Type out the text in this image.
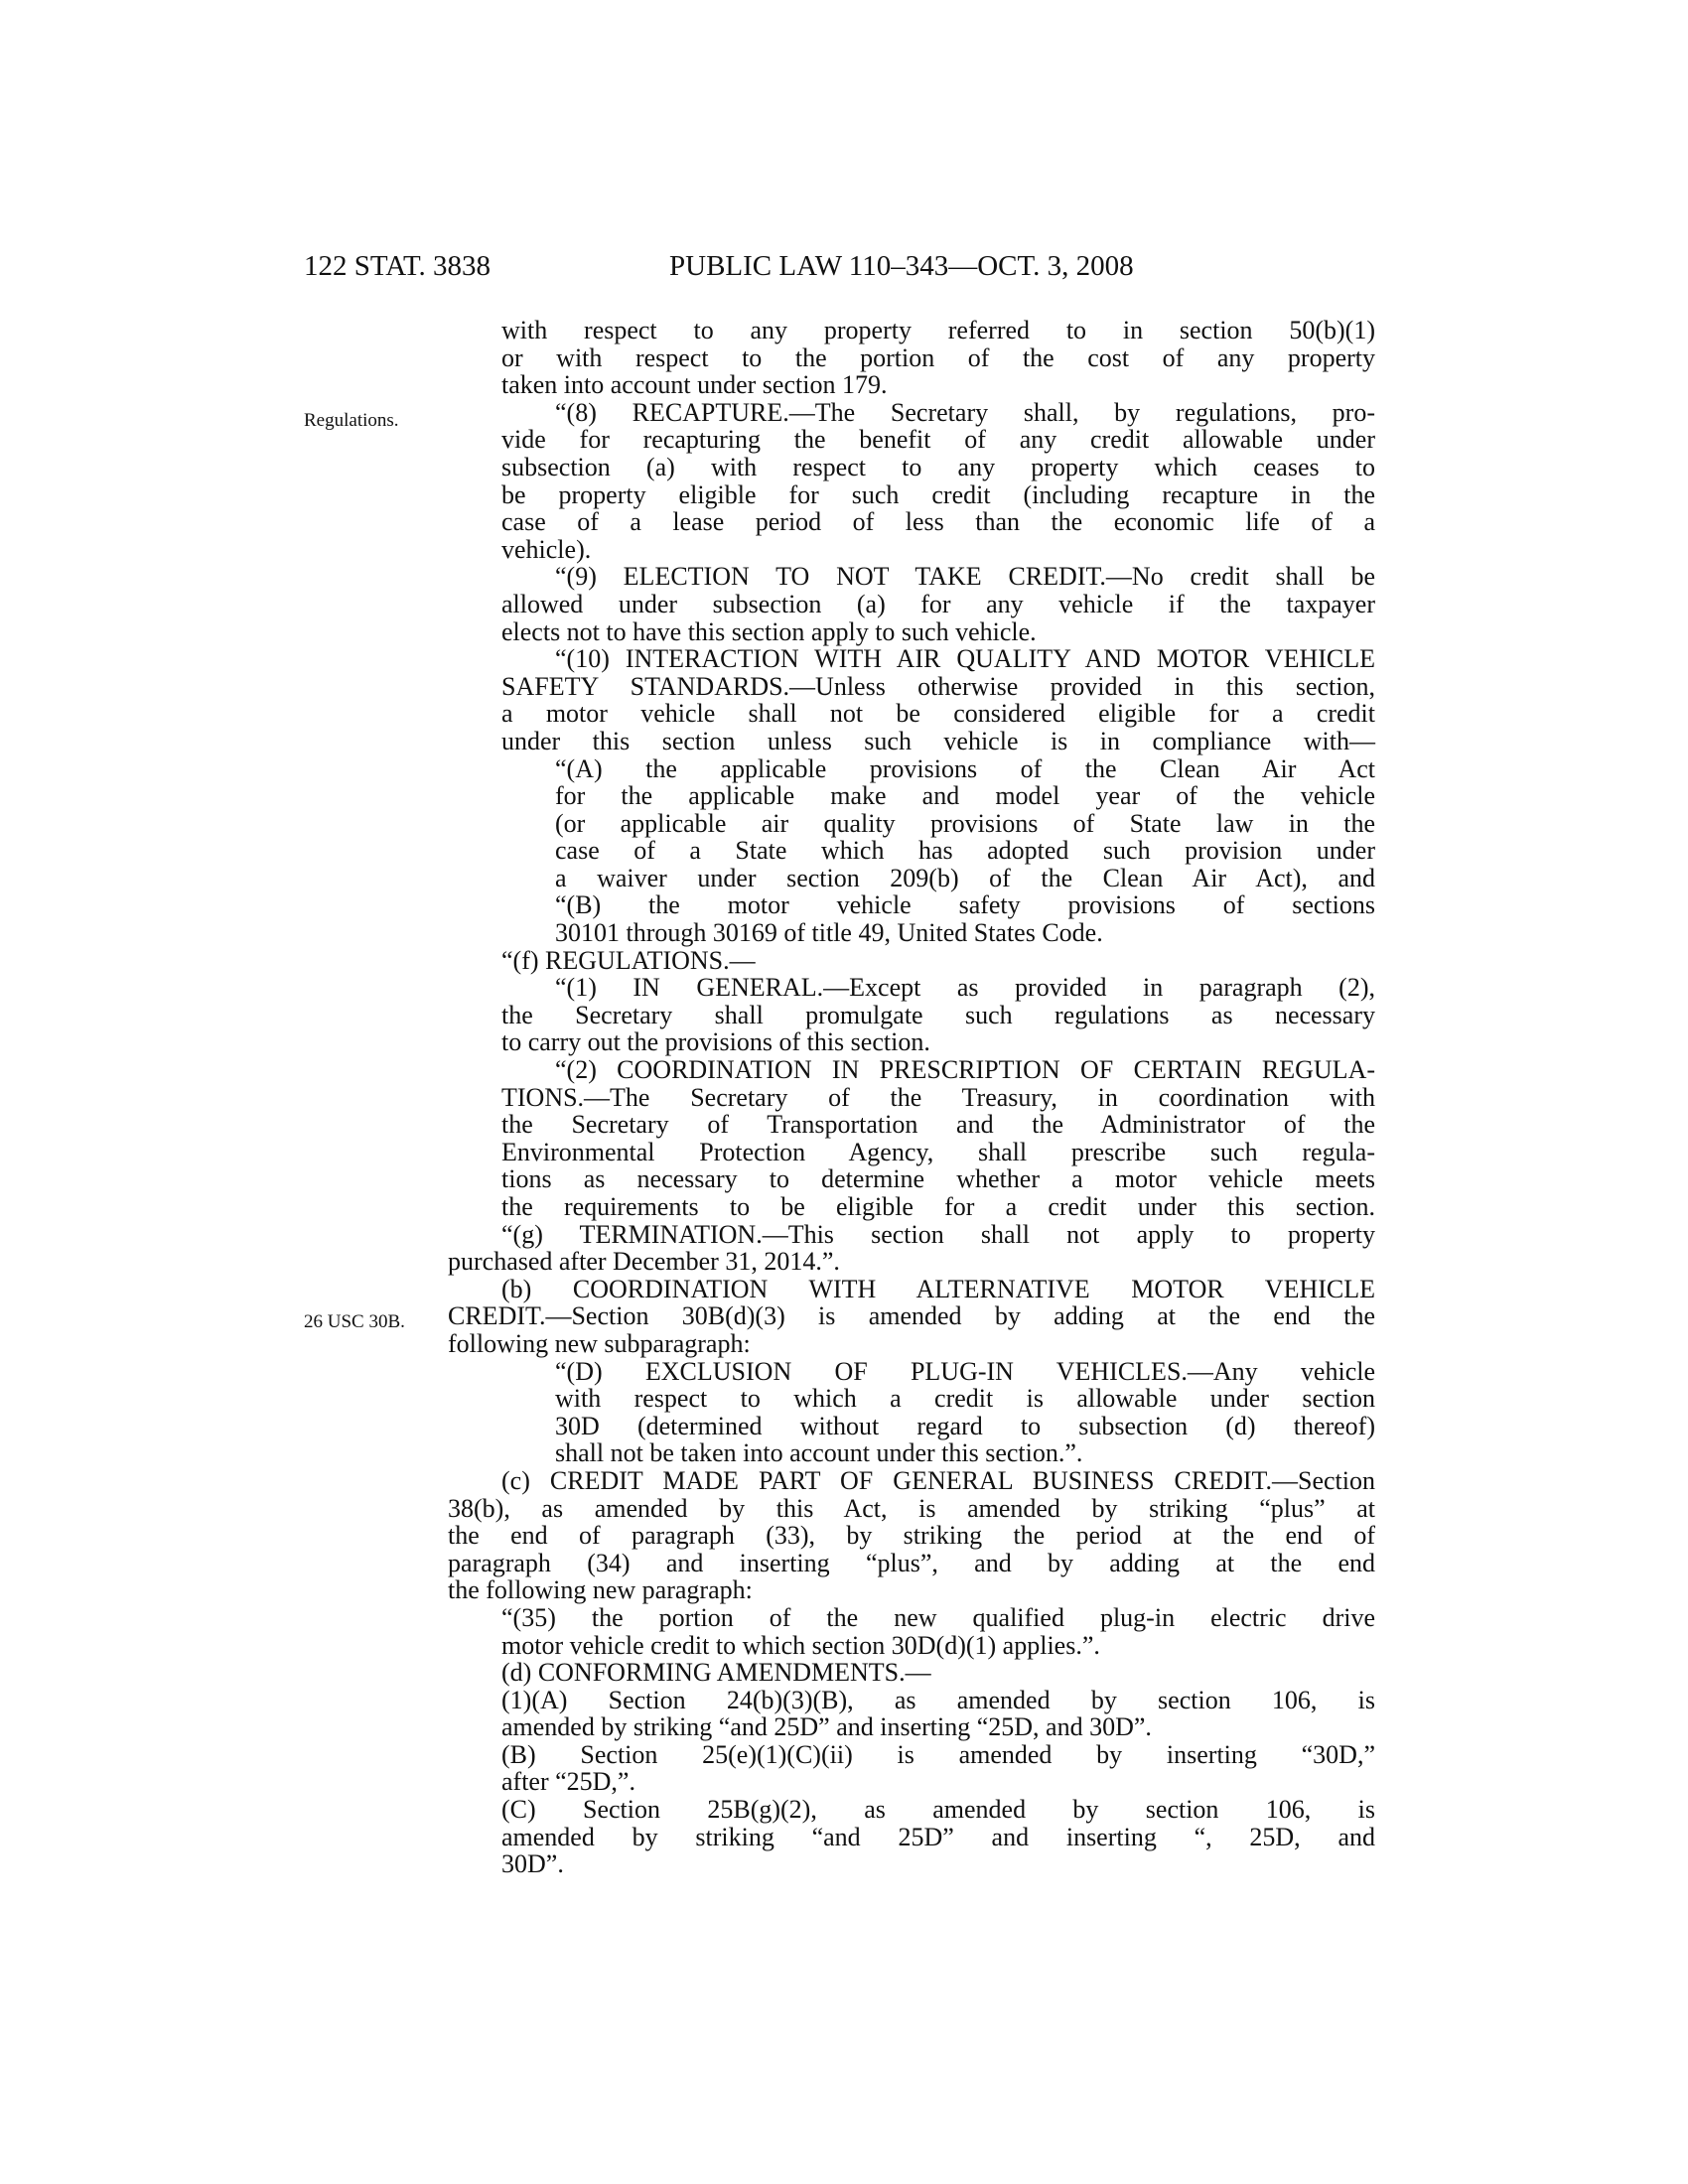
122 STAT. 3838	PUBLIC LAW 110–343—OCT. 3, 2008
Regulations.
26 USC 30B.
with respect to any property referred to in section 50(b)(1)
or with respect to the portion of the cost of any property
taken into account under section 179.
“(8) RECAPTURE.—The Secretary shall, by regulations, pro-
vide for recapturing the benefit of any credit allowable under
subsection (a) with respect to any property which ceases to
be property eligible for such credit (including recapture in the
case of a lease period of less than the economic life of a
vehicle).
“(9) ELECTION TO NOT TAKE CREDIT.—No credit shall be
allowed under subsection (a) for any vehicle if the taxpayer
elects not to have this section apply to such vehicle.
“(10) INTERACTION WITH AIR QUALITY AND MOTOR VEHICLE
SAFETY STANDARDS.—Unless otherwise provided in this section,
a motor vehicle shall not be considered eligible for a credit
under this section unless such vehicle is in compliance with—
“(A) the applicable provisions of the Clean Air Act
for the applicable make and model year of the vehicle
(or applicable air quality provisions of State law in the
case of a State which has adopted such provision under
a waiver under section 209(b) of the Clean Air Act), and
“(B) the motor vehicle safety provisions of sections
30101 through 30169 of title 49, United States Code.
“(f) REGULATIONS.—
“(1) IN GENERAL.—Except as provided in paragraph (2),
the Secretary shall promulgate such regulations as necessary
to carry out the provisions of this section.
“(2) COORDINATION IN PRESCRIPTION OF CERTAIN REGULA-
TIONS.—The Secretary of the Treasury, in coordination with
the Secretary of Transportation and the Administrator of the
Environmental Protection Agency, shall prescribe such regula-
tions as necessary to determine whether a motor vehicle meets
the requirements to be eligible for a credit under this section.
“(g) TERMINATION.—This section shall not apply to property
purchased after December 31, 2014.”.
(b) COORDINATION WITH ALTERNATIVE MOTOR VEHICLE
CREDIT.—Section 30B(d)(3) is amended by adding at the end the
following new subparagraph:
“(D) EXCLUSION OF PLUG-IN VEHICLES.—Any vehicle
with respect to which a credit is allowable under section
30D (determined without regard to subsection (d) thereof)
shall not be taken into account under this section.”.
(c) CREDIT MADE PART OF GENERAL BUSINESS CREDIT.—Section
38(b), as amended by this Act, is amended by striking “plus” at
the end of paragraph (33), by striking the period at the end of
paragraph (34) and inserting “plus”, and by adding at the end
the following new paragraph:
“(35) the portion of the new qualified plug-in electric drive
motor vehicle credit to which section 30D(d)(1) applies.”.
(d) CONFORMING AMENDMENTS.—
(1)(A) Section 24(b)(3)(B), as amended by section 106, is
amended by striking “and 25D” and inserting “25D, and 30D”.
(B) Section 25(e)(1)(C)(ii) is amended by inserting “30D,”
after “25D,”.
(C) Section 25B(g)(2), as amended by section 106, is
amended by striking “and 25D” and inserting “, 25D, and
30D”.
